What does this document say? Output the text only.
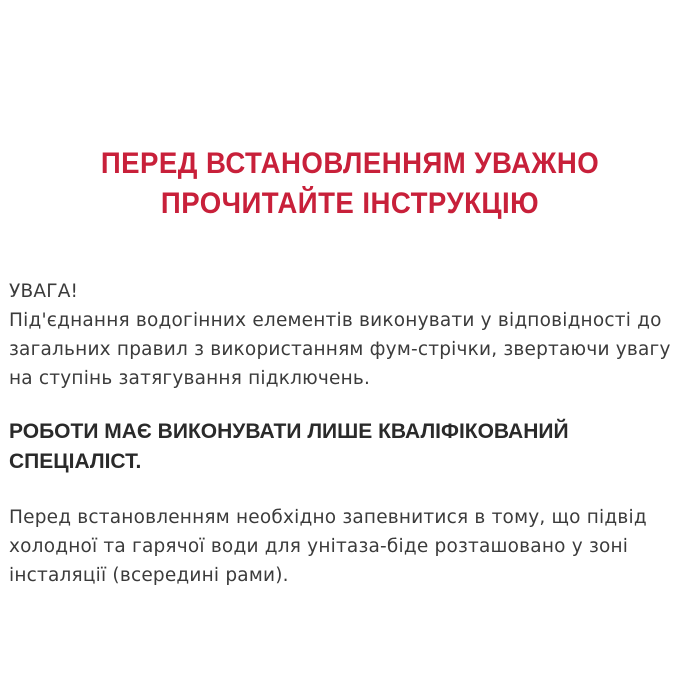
ПЕРЕД ВСТАНОВЛЕННЯМ УВАЖНО
ПРОЧИТАЙТЕ ІНСТРУКЦІЮ
УВАГА!
Під'єднання водогінних елементів виконувати у відповідності до
загальних правил з використанням фум-стрічки, звертаючи увагу
на ступінь затягування підключень.
РОБОТИ МАЄ ВИКОНУВАТИ ЛИШЕ КВАЛІФІКОВАНИЙ
СПЕЦІАЛІСТ.
Перед встановленням необхідно запевнитися в тому, що підвід
холодної та гарячої води для унітаза-біде розташовано у зоні
інсталяції (всередині рами).
